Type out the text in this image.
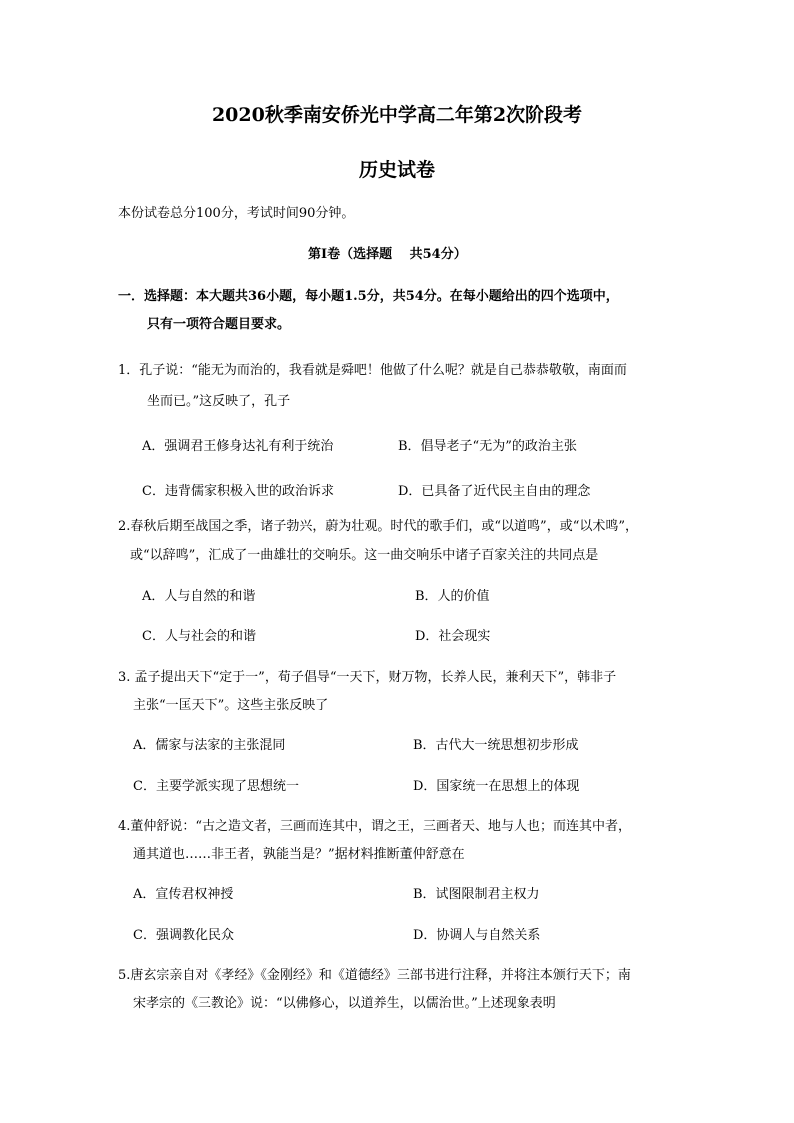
2020秋季南安侨光中学高二年第2次阶段考
历史试卷
本份试卷总分100分，考试时间90分钟。
第Ⅰ卷（选择题　 共54分）
一．选择题：本大题共36小题，每小题1.5分，共54分。在每小题给出的四个选项中，
只有一项符合题目要求。
1．孔子说：“能无为而治的，我看就是舜吧！他做了什么呢？就是自己恭恭敬敬，南面而
坐而已。”这反映了，孔子
A．强调君王修身达礼有利于统治	B．倡导老子“无为”的政治主张
C．违背儒家积极入世的政治诉求	D．已具备了近代民主自由的理念
2.春秋后期至战国之季，诸子勃兴，蔚为壮观。时代的歌手们，或“以道鸣”，或“以术鸣”，
或“以辞鸣”，汇成了一曲雄壮的交响乐。这一曲交响乐中诸子百家关注的共同点是
A．人与自然的和谐	B．人的价值
C．人与社会的和谐	D．社会现实
3. 孟子提出天下“定于一”，荀子倡导“一天下，财万物，长养人民，兼利天下”，韩非子
主张“一匡天下”。这些主张反映了
A．儒家与法家的主张混同	B．古代大一统思想初步形成
C．主要学派实现了思想统一	D．国家统一在思想上的体现
4.董仲舒说：“古之造文者，三画而连其中，谓之王，三画者天、地与人也；而连其中者，
通其道也……非王者，孰能当是？”据材料推断董仲舒意在
A．宣传君权神授	B．试图限制君主权力
C．强调教化民众	D．协调人与自然关系
5.唐玄宗亲自对《孝经》《金刚经》和《道德经》三部书进行注释，并将注本颁行天下；南
宋孝宗的《三教论》说：“以佛修心，以道养生，以儒治世。”上述现象表明
